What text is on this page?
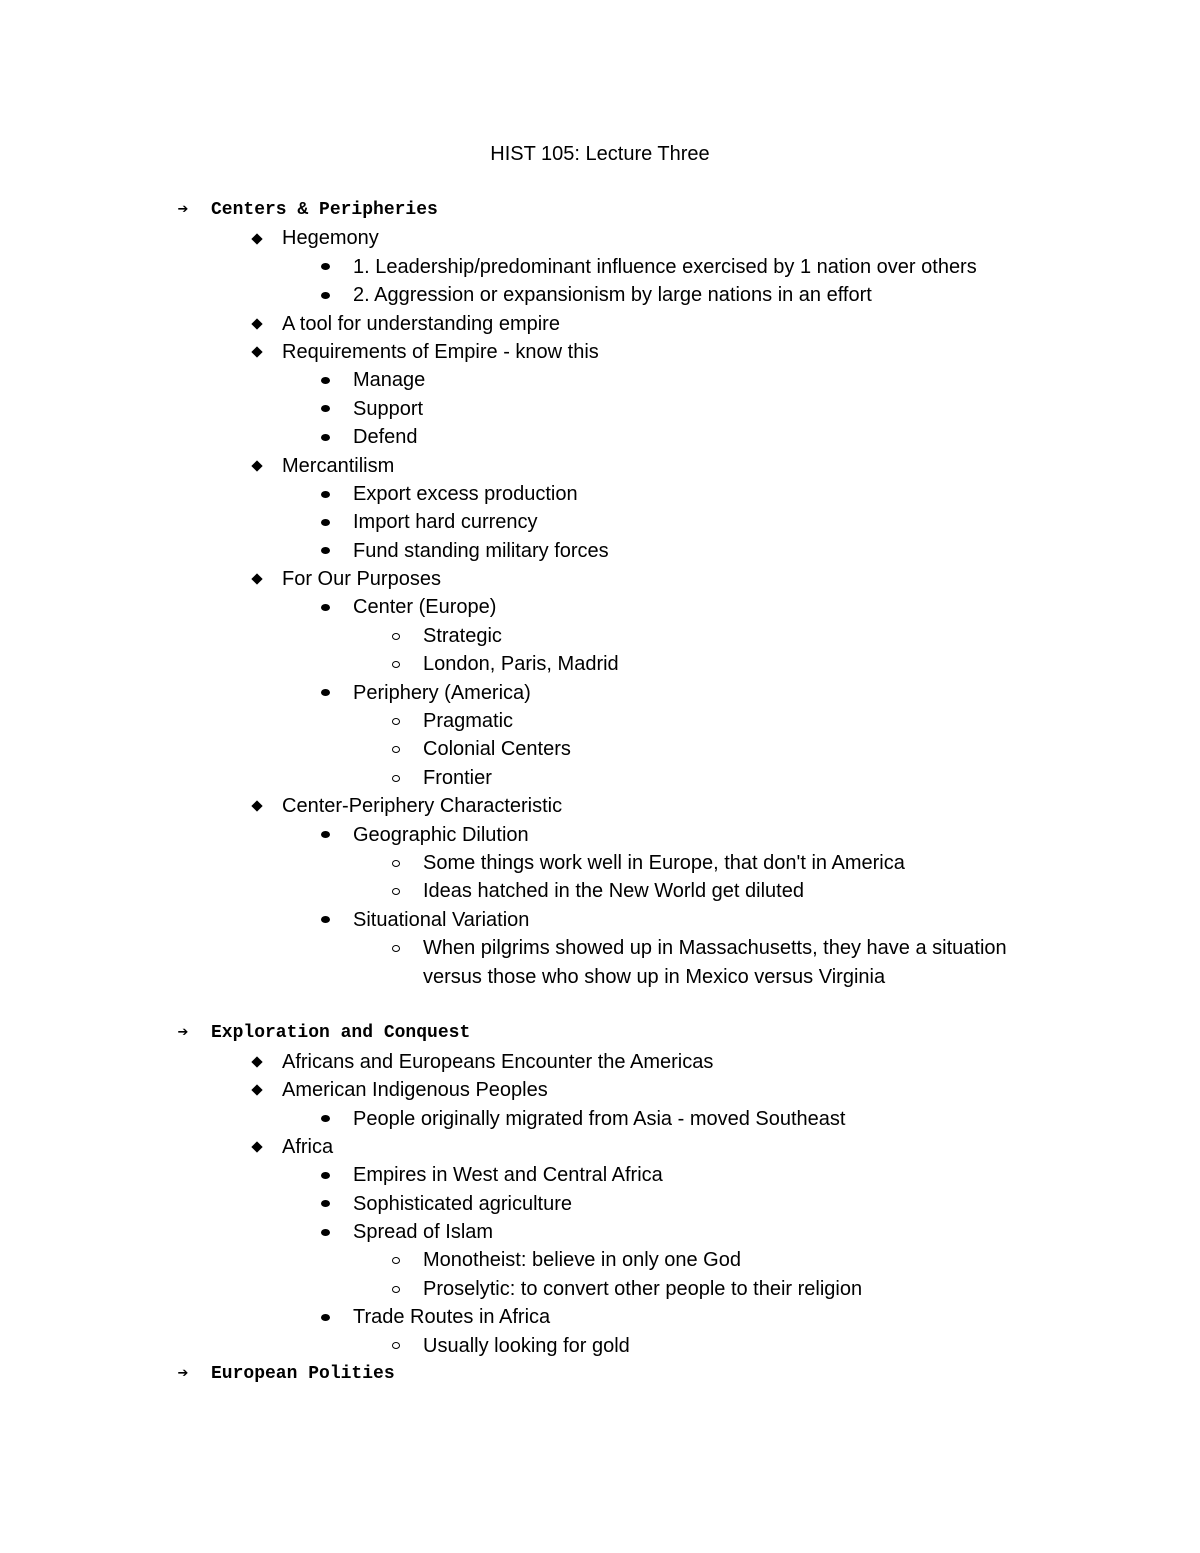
HIST 105: Lecture Three
➔ Centers & Peripheries
Hegemony
1. Leadership/predominant influence exercised by 1 nation over others
2. Aggression or expansionism by large nations in an effort
A tool for understanding empire
Requirements of Empire - know this
Manage
Support
Defend
Mercantilism
Export excess production
Import hard currency
Fund standing military forces
For Our Purposes
Center (Europe)
Strategic
London, Paris, Madrid
Periphery (America)
Pragmatic
Colonial Centers
Frontier
Center-Periphery Characteristic
Geographic Dilution
Some things work well in Europe, that don't in America
Ideas hatched in the New World get diluted
Situational Variation
When pilgrims showed up in Massachusetts, they have a situation
versus those who show up in Mexico versus Virginia
➔ Exploration and Conquest
Africans and Europeans Encounter the Americas
American Indigenous Peoples
People originally migrated from Asia - moved Southeast
Africa
Empires in West and Central Africa
Sophisticated agriculture
Spread of Islam
Monotheist: believe in only one God
Proselytic: to convert other people to their religion
Trade Routes in Africa
Usually looking for gold
➔ European Polities
